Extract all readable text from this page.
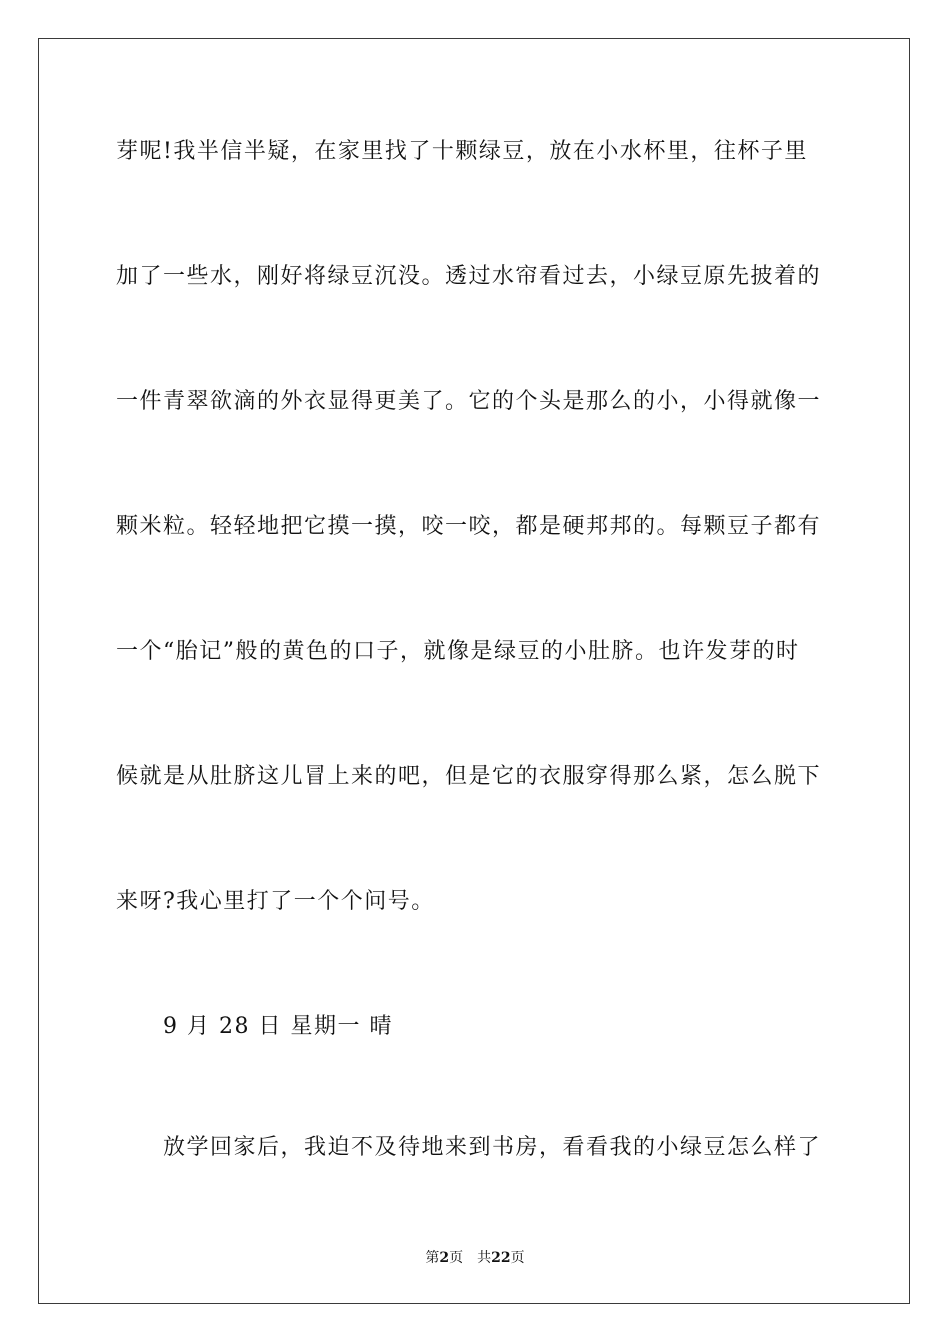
芽呢!我半信半疑，在家里找了十颗绿豆，放在小水杯里，往杯子里
加了一些水，刚好将绿豆沉没。透过水帘看过去，小绿豆原先披着的
一件青翠欲滴的外衣显得更美了。它的个头是那么的小，小得就像一
颗米粒。轻轻地把它摸一摸，咬一咬，都是硬邦邦的。每颗豆子都有
一个“胎记”般的黄色的口子，就像是绿豆的小肚脐。也许发芽的时
候就是从肚脐这儿冒上来的吧，但是它的衣服穿得那么紧，怎么脱下
来呀?我心里打了一个个问号。
9 月 28 日 星期一 晴
放学回家后，我迫不及待地来到书房，看看我的小绿豆怎么样了
第2页 共22页
